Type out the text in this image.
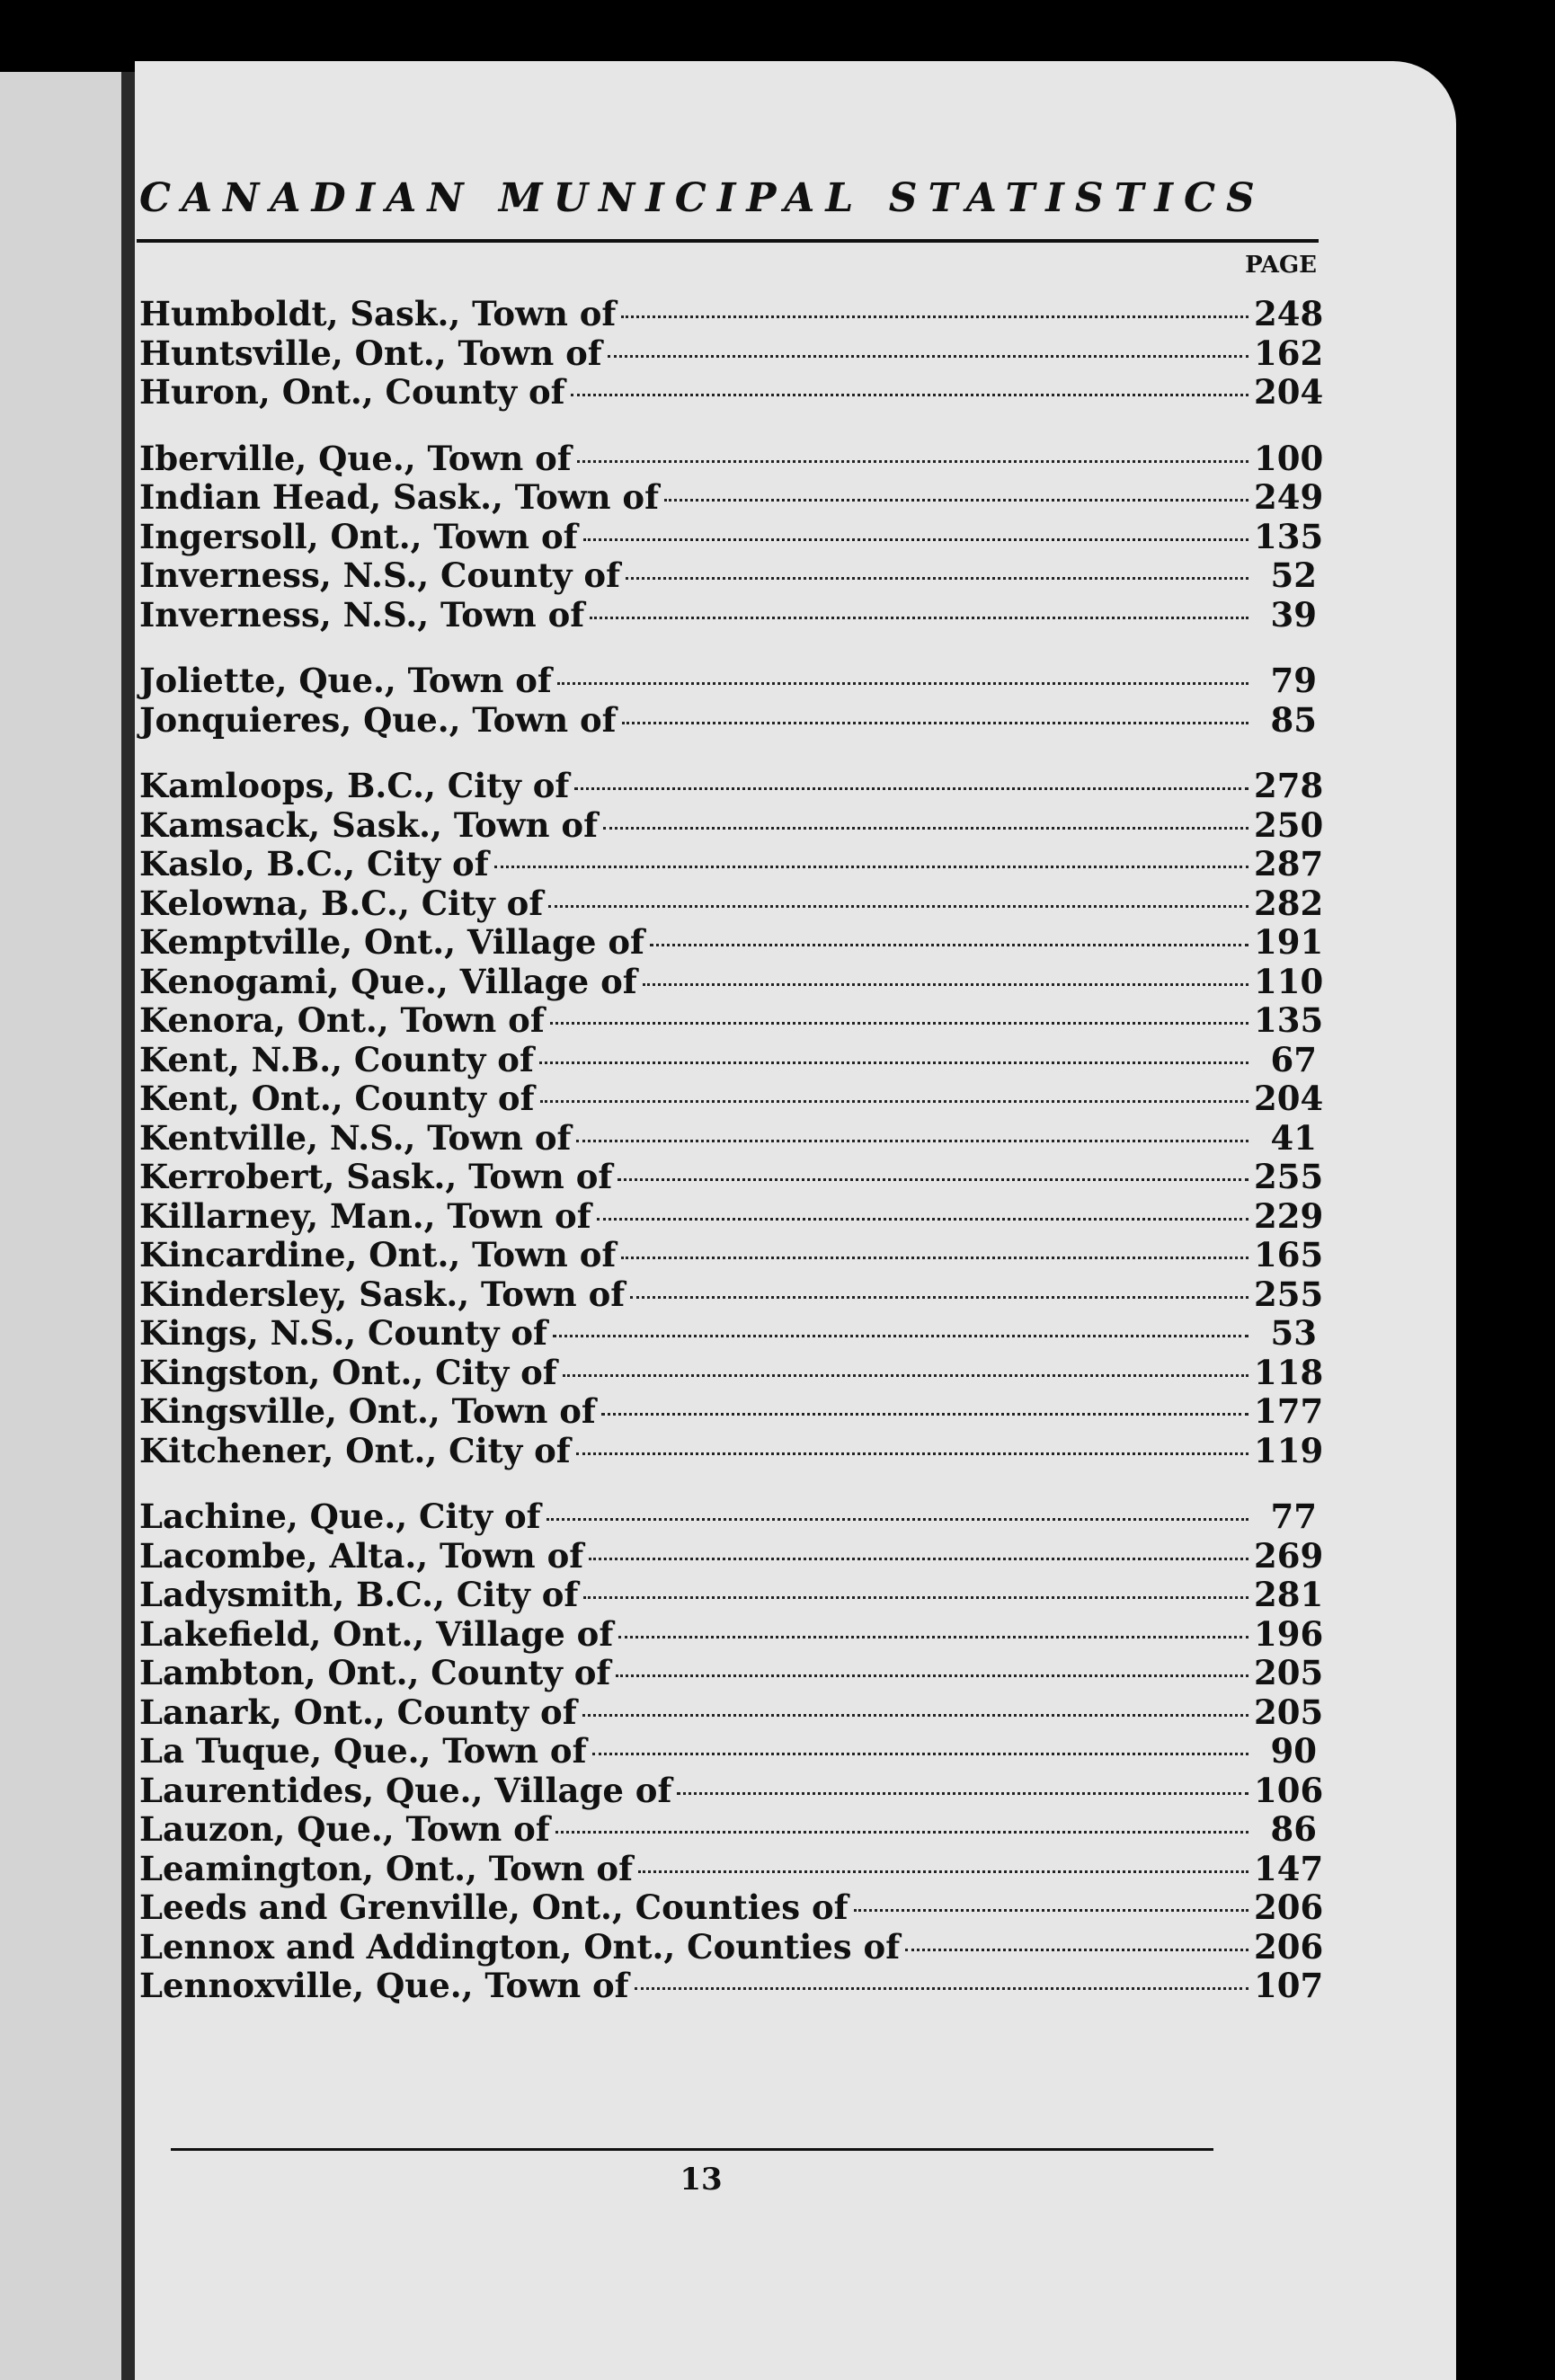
CANADIAN MUNICIPAL STATISTICS
PAGE
Humboldt, Sask., Town of	248
Huntsville, Ont., Town of	162
Huron, Ont., County of	204
Iberville, Que., Town of	100
Indian Head, Sask., Town of	249
Ingersoll, Ont., Town of	135
Inverness, N.S., County of	52
Inverness, N.S., Town of	39
Joliette, Que., Town of	79
Jonquieres, Que., Town of	85
Kamloops, B.C., City of	278
Kamsack, Sask., Town of	250
Kaslo, B.C., City of	287
Kelowna, B.C., City of	282
Kemptville, Ont., Village of	191
Kenogami, Que., Village of	110
Kenora, Ont., Town of	135
Kent, N.B., County of	67
Kent, Ont., County of	204
Kentville, N.S., Town of	41
Kerrobert, Sask., Town of	255
Killarney, Man., Town of	229
Kincardine, Ont., Town of	165
Kindersley, Sask., Town of	255
Kings, N.S., County of	53
Kingston, Ont., City of	118
Kingsville, Ont., Town of	177
Kitchener, Ont., City of	119
Lachine, Que., City of	77
Lacombe, Alta., Town of	269
Ladysmith, B.C., City of	281
Lakefield, Ont., Village of	196
Lambton, Ont., County of	205
Lanark, Ont., County of	205
La Tuque, Que., Town of	90
Laurentides, Que., Village of	106
Lauzon, Que., Town of	86
Leamington, Ont., Town of	147
Leeds and Grenville, Ont., Counties of	206
Lennox and Addington, Ont., Counties of	206
Lennoxville, Que., Town of	107
13
